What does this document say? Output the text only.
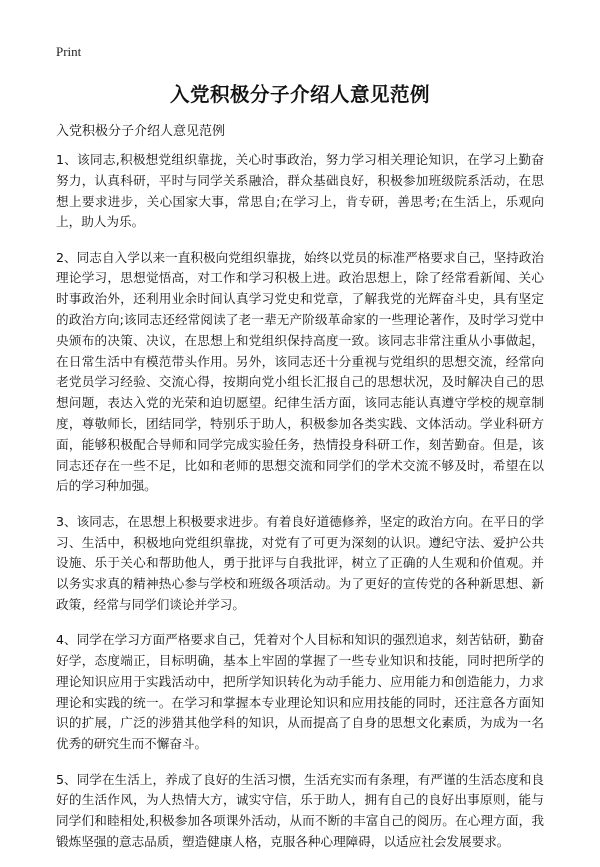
Print
入党积极分子介绍人意见范例

入党积极分子介绍人意见范例

1、该同志,积极想党组织靠拢，关心时事政治，努力学习相关理论知识，在学习上勤奋努力，认真科研，平时与同学关系融洽，群众基础良好，积极参加班级院系活动，在思想上要求进步，关心国家大事，常思自;在学习上，肯专研，善思考;在生活上，乐观向上，助人为乐。

2、同志自入学以来一直积极向党组织靠拢，始终以党员的标准严格要求自己，坚持政治理论学习，思想觉悟高，对工作和学习积极上进。政治思想上，除了经常看新闻、关心时事政治外，还利用业余时间认真学习党史和党章，了解我党的光辉奋斗史，具有坚定的政治方向;该同志还经常阅读了老一辈无产阶级革命家的一些理论著作，及时学习党中央颁布的决策、决议，在思想上和党组织保持高度一致。该同志非常注重从小事做起，在日常生活中有模范带头作用。另外，该同志还十分重视与党组织的思想交流，经常向老党员学习经验、交流心得，按期向党小组长汇报自己的思想状况，及时解决自己的思想问题，表达入党的光荣和迫切愿望。纪律生活方面，该同志能认真遵守学校的规章制度，尊敬师长，团结同学，特别乐于助人，积极参加各类实践、文体活动。学业科研方面，能够积极配合导师和同学完成实验任务，热情投身科研工作，刻苦勤奋。但是，该同志还存在一些不足，比如和老师的思想交流和同学们的学术交流不够及时，希望在以后的学习种加强。

3、该同志，在思想上积极要求进步。有着良好道德修养，坚定的政治方向。在平日的学习、生活中，积极地向党组织靠拢，对党有了可更为深刻的认识。遵纪守法、爱护公共设施、乐于关心和帮助他人，勇于批评与自我批评，树立了正确的人生观和价值观。并以务实求真的精神热心参与学校和班级各项活动。为了更好的宣传党的各种新思想、新政策，经常与同学们谈论并学习。

4、同学在学习方面严格要求自己，凭着对个人目标和知识的强烈追求，刻苦钻研，勤奋好学，态度端正，目标明确，基本上牢固的掌握了一些专业知识和技能，同时把所学的理论知识应用于实践活动中，把所学知识转化为动手能力、应用能力和创造能力，力求理论和实践的统一。在学习和掌握本专业理论知识和应用技能的同时，还注意各方面知识的扩展，广泛的涉猎其他学科的知识，从而提高了自身的思想文化素质，为成为一名优秀的研究生而不懈奋斗。

5、同学在生活上，养成了良好的生活习惯，生活充实而有条理，有严谨的生活态度和良好的生活作风，为人热情大方，诚实守信，乐于助人，拥有自己的良好出事原则，能与同学们和睦相处,积极参加各项课外活动，从而不断的丰富自己的阅历。在心理方面，我锻炼坚强的意志品质，塑造健康人格，克服各种心理障碍，以适应社会发展要求。
